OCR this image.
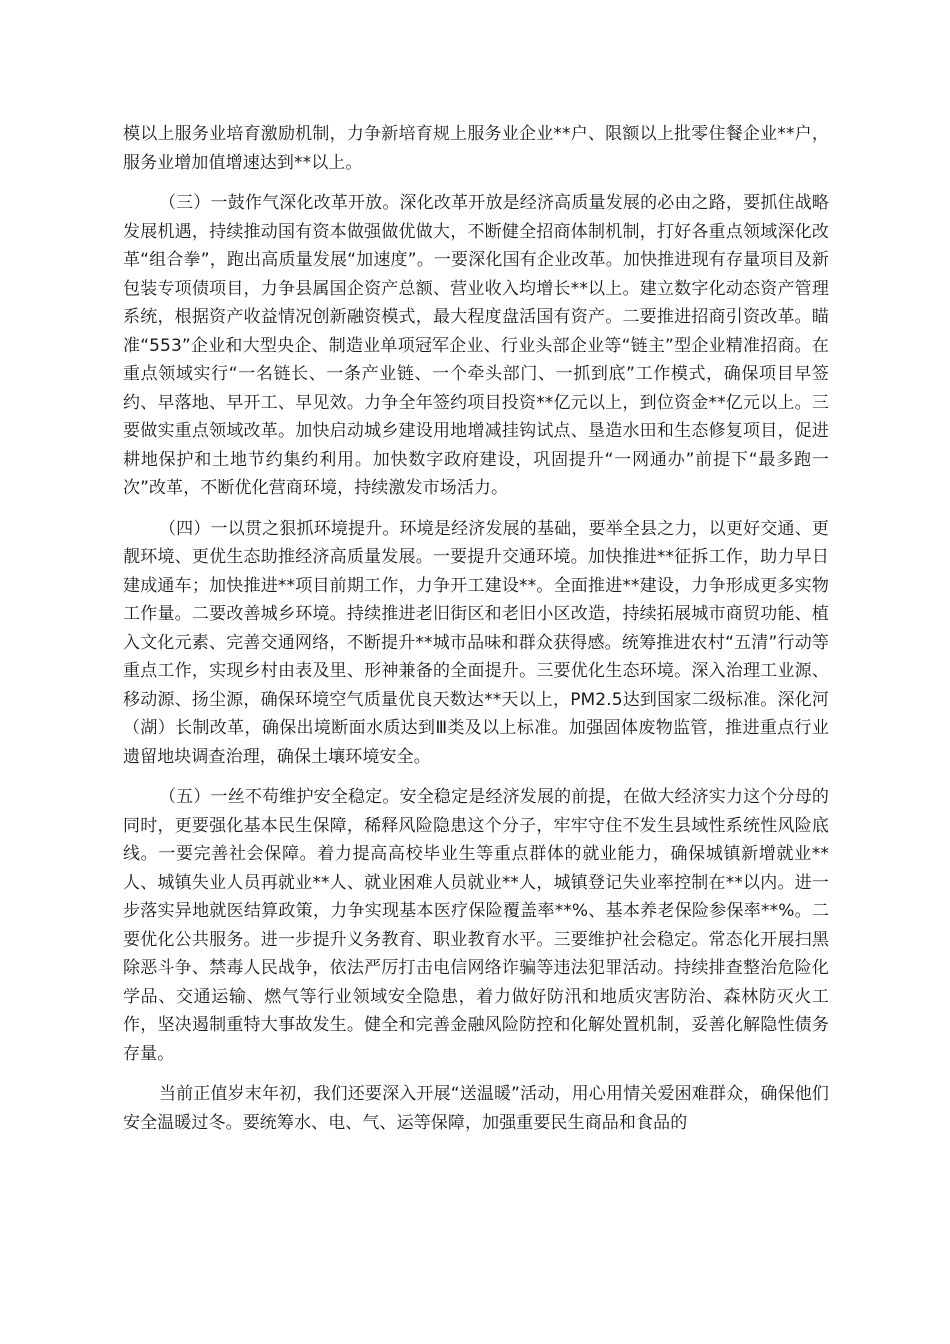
模以上服务业培育激励机制，力争新培育规上服务业企业**户、限额以上批零住餐企业**户，服务业增加值增速达到**以上。

（三）一鼓作气深化改革开放。深化改革开放是经济高质量发展的必由之路，要抓住战略发展机遇，持续推动国有资本做强做优做大，不断健全招商体制机制，打好各重点领域深化改革“组合拳”，跑出高质量发展“加速度”。一要深化国有企业改革。加快推进现有存量项目及新包装专项债项目，力争县属国企资产总额、营业收入均增长**以上。建立数字化动态资产管理系统，根据资产收益情况创新融资模式，最大程度盘活国有资产。二要推进招商引资改革。瞄准“553”企业和大型央企、制造业单项冠军企业、行业头部企业等“链主”型企业精准招商。在重点领域实行“一名链长、一条产业链、一个牵头部门、一抓到底”工作模式，确保项目早签约、早落地、早开工、早见效。力争全年签约项目投资**亿元以上，到位资金**亿元以上。三要做实重点领域改革。加快启动城乡建设用地增减挂钩试点、垦造水田和生态修复项目，促进耕地保护和土地节约集约利用。加快数字政府建设，巩固提升“一网通办”前提下“最多跑一次”改革，不断优化营商环境，持续激发市场活力。

（四）一以贯之狠抓环境提升。环境是经济发展的基础，要举全县之力，以更好交通、更靓环境、更优生态助推经济高质量发展。一要提升交通环境。加快推进**征拆工作，助力早日建成通车；加快推进**项目前期工作，力争开工建设**。全面推进**建设，力争形成更多实物工作量。二要改善城乡环境。持续推进老旧街区和老旧小区改造，持续拓展城市商贸功能、植入文化元素、完善交通网络，不断提升**城市品味和群众获得感。统筹推进农村“五清”行动等重点工作，实现乡村由表及里、形神兼备的全面提升。三要优化生态环境。深入治理工业源、移动源、扬尘源，确保环境空气质量优良天数达**天以上，PM2.5达到国家二级标准。深化河（湖）长制改革，确保出境断面水质达到Ⅲ类及以上标准。加强固体废物监管，推进重点行业遗留地块调查治理，确保土壤环境安全。

（五）一丝不苟维护安全稳定。安全稳定是经济发展的前提，在做大经济实力这个分母的同时，更要强化基本民生保障，稀释风险隐患这个分子，牢牢守住不发生县域性系统性风险底线。一要完善社会保障。着力提高高校毕业生等重点群体的就业能力，确保城镇新增就业**人、城镇失业人员再就业**人、就业困难人员就业**人，城镇登记失业率控制在**以内。进一步落实异地就医结算政策，力争实现基本医疗保险覆盖率**%、基本养老保险参保率**%。二要优化公共服务。进一步提升义务教育、职业教育水平。三要维护社会稳定。常态化开展扫黑除恶斗争、禁毒人民战争，依法严厉打击电信网络诈骗等违法犯罪活动。持续排查整治危险化学品、交通运输、燃气等行业领域安全隐患，着力做好防汛和地质灾害防治、森林防灭火工作，坚决遏制重特大事故发生。健全和完善金融风险防控和化解处置机制，妥善化解隐性债务存量。

当前正值岁末年初，我们还要深入开展“送温暖”活动，用心用情关爱困难群众，确保他们安全温暖过冬。要统筹水、电、气、运等保障，加强重要民生商品和食品的
